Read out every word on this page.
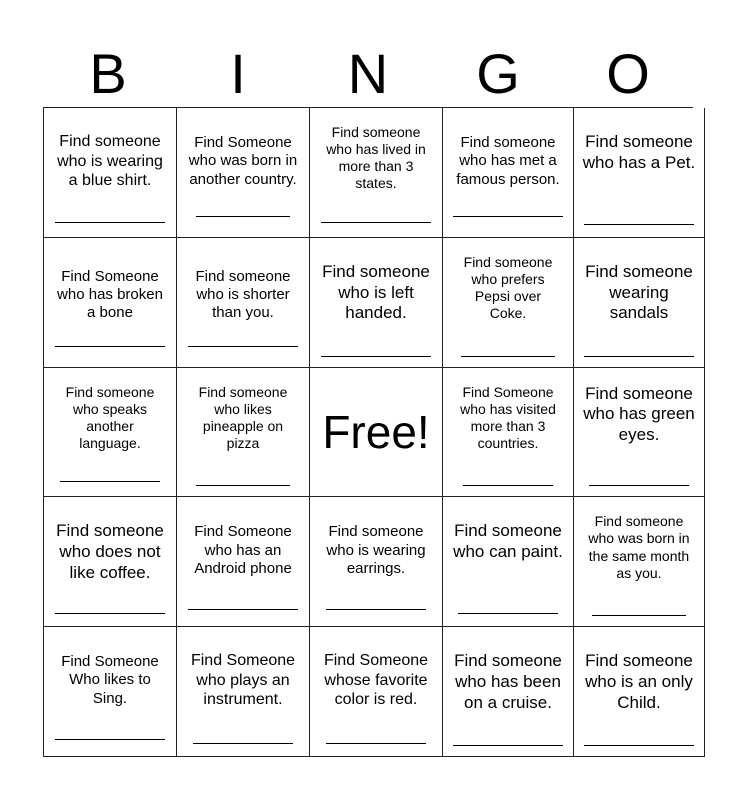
B	I	N	G	O
Find someone who is wearing a blue shirt.
Find Someone who was born in another country.
Find someone who has lived in more than 3 states.
Find someone who has met a famous person.
Find someone who has a Pet.
Find Someone who has broken a bone
Find someone who is shorter than you.
Find someone who is left handed.
Find someone who prefers Pepsi over Coke.
Find someone wearing sandals
Find someone who speaks another language.
Find someone who likes pineapple on pizza	Free!
Find Someone who has visited more than 3 countries.
Find someone who has green eyes.
Find someone who does not like coffee.
Find Someone who has an Android phone
Find someone who is wearing earrings.
Find someone who can paint.
Find someone who was born in the same month as you.
Find Someone Who likes to Sing.
Find Someone who plays an instrument.
Find Someone whose favorite color is red.
Find someone who has been on a cruise.
Find someone who is an only Child.
